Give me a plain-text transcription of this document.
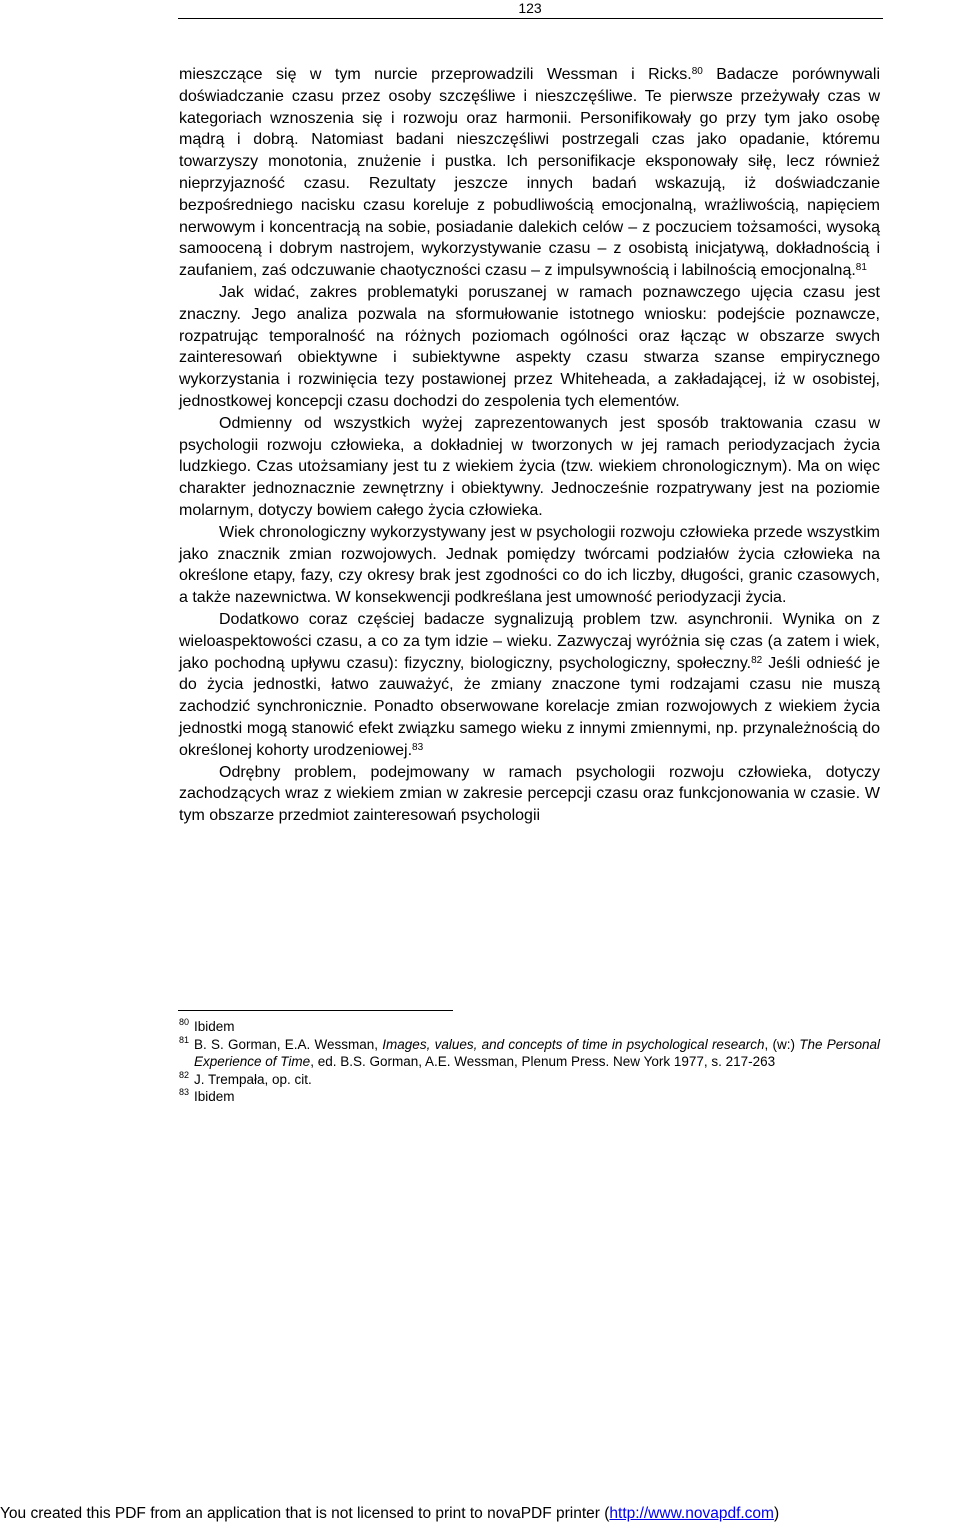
123

mieszczące się w tym nurcie przeprowadzili Wessman i Ricks.$^{80}$ Badacze porównywali doświadczanie czasu przez osoby szczęśliwe i nieszczęśliwe. Te pierwsze przeżywały czas w kategoriach wznoszenia się i rozwoju oraz harmonii. Personifikowały go przy tym jako osobę mądrą i dobrą. Natomiast badani nieszczęśliwi postrzegali czas jako opadanie, któremu towarzyszy monotonia, znużenie i pustka. Ich personifikacje eksponowały siłę, lecz również nieprzyjazność czasu. Rezultaty jeszcze innych badań wskazują, iż doświadczanie bezpośredniego nacisku czasu koreluje z pobudliwością emocjonalną, wrażliwością, napięciem nerwowym i koncentracją na sobie, posiadanie dalekich celów – z poczuciem tożsamości, wysoką samooceną i dobrym nastrojem, wykorzystywanie czasu – z osobistą inicjatywą, dokładnością i zaufaniem, zaś odczuwanie chaotyczności czasu – z impulsywnością i labilnością emocjonalną.$^{81}$

Jak widać, zakres problematyki poruszanej w ramach poznawczego ujęcia czasu jest znaczny. Jego analiza pozwala na sformułowanie istotnego wniosku: podejście poznawcze, rozpatrując temporalność na różnych poziomach ogólności oraz łącząc w obszarze swych zainteresowań obiektywne i subiektywne aspekty czasu stwarza szanse empirycznego wykorzystania i rozwinięcia tezy postawionej przez Whiteheada, a zakładającej, iż w osobistej, jednostkowej koncepcji czasu dochodzi do zespolenia tych elementów.

Odmienny od wszystkich wyżej zaprezentowanych jest sposób traktowania czasu w psychologii rozwoju człowieka, a dokładniej w tworzonych w jej ramach periodyzacjach życia ludzkiego. Czas utożsamiany jest tu z wiekiem życia (tzw. wiekiem chronologicznym). Ma on więc charakter jednoznacznie zewnętrzny i obiektywny. Jednocześnie rozpatrywany jest na poziomie molarnym, dotyczy bowiem całego życia człowieka.

Wiek chronologiczny wykorzystywany jest w psychologii rozwoju człowieka przede wszystkim jako znacznik zmian rozwojowych. Jednak pomiędzy twórcami podziałów życia człowieka na określone etapy, fazy, czy okresy brak jest zgodności co do ich liczby, długości, granic czasowych, a także nazewnictwa. W konsekwencji podkreślana jest umowność periodyzacji życia.

Dodatkowo coraz częściej badacze sygnalizują problem tzw. asynchronii. Wynika on z wieloaspektowości czasu, a co za tym idzie – wieku. Zazwyczaj wyróżnia się czas (a zatem i wiek, jako pochodną upływu czasu): fizyczny, biologiczny, psychologiczny, społeczny.$^{82}$ Jeśli odnieść je do życia jednostki, łatwo zauważyć, że zmiany znaczone tymi rodzajami czasu nie muszą zachodzić synchronicznie. Ponadto obserwowane korelacje zmian rozwojowych z wiekiem życia jednostki mogą stanowić efekt związku samego wieku z innymi zmiennymi, np. przynależnością do określonej kohorty urodzeniowej.$^{83}$

Odrębny problem, podejmowany w ramach psychologii rozwoju człowieka, dotyczy zachodzących wraz z wiekiem zmian w zakresie percepcji czasu oraz funkcjonowania w czasie. W tym obszarze przedmiot zainteresowań psychologii

80 Ibidem
81 B. S. Gorman, E.A. Wessman, Images, values, and concepts of time in psychological research, (w:) The Personal Experience of Time, ed. B.S. Gorman, A.E. Wessman, Plenum Press. New York 1977, s. 217-263
82 J. Trempała, op. cit.
83 Ibidem
You created this PDF from an application that is not licensed to print to novaPDF printer (http://www.novapdf.com)
